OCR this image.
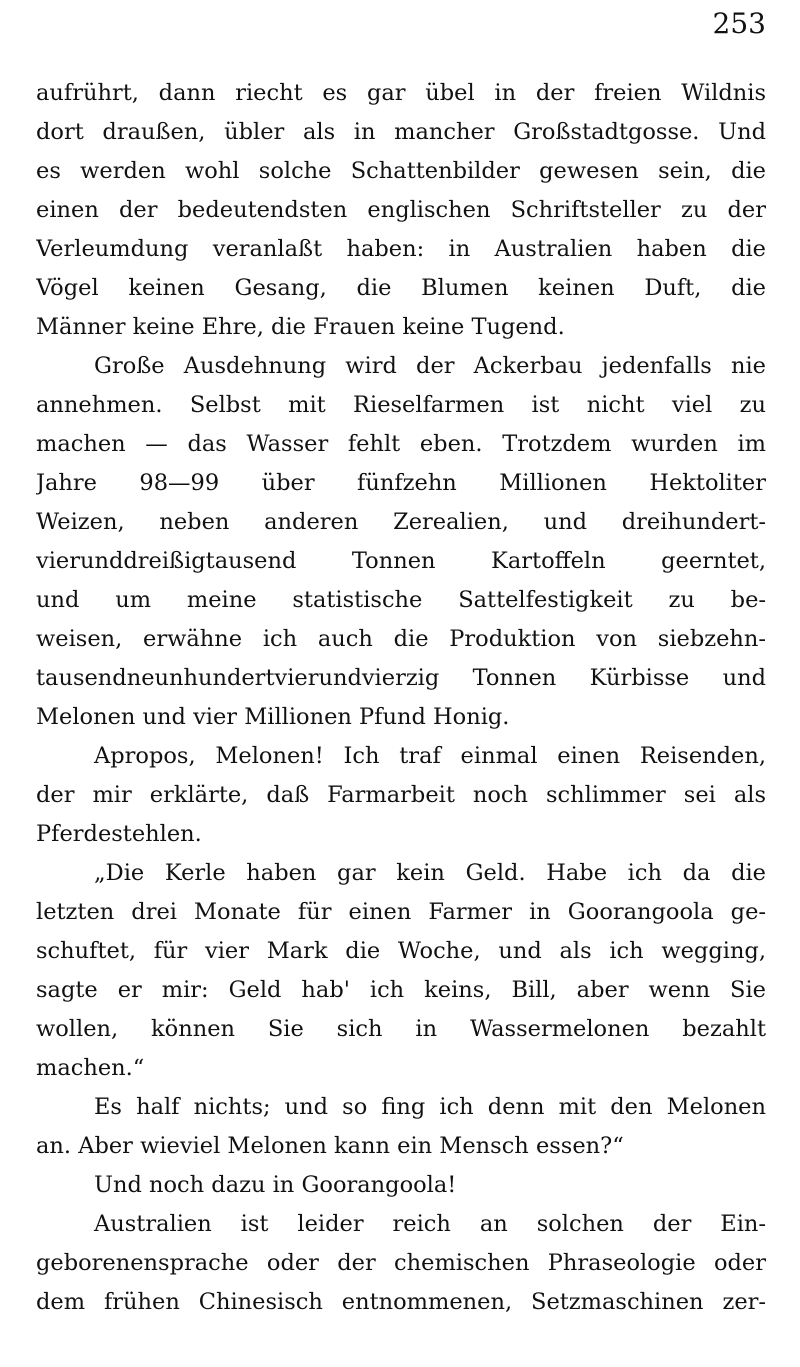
253
aufrührt, dann riecht es gar übel in der freien Wildnis
dort draußen, übler als in mancher Großstadtgosse. Und
es werden wohl solche Schattenbilder gewesen sein, die
einen der bedeutendsten englischen Schriftsteller zu der
Verleumdung veranlaßt haben: in Australien haben die
Vögel keinen Gesang, die Blumen keinen Duft, die
Männer keine Ehre, die Frauen keine Tugend.
Große Ausdehnung wird der Ackerbau jedenfalls nie
annehmen. Selbst mit Rieselfarmen ist nicht viel zu
machen — das Wasser fehlt eben. Trotzdem wurden im
Jahre 98—99 über fünfzehn Millionen Hektoliter
Weizen, neben anderen Zerealien, und dreihundert-
vierunddreißigtausend Tonnen Kartoffeln geerntet,
und um meine statistische Sattelfestigkeit zu be-
weisen, erwähne ich auch die Produktion von siebzehn-
tausendneunhundertvierundvierzig Tonnen Kürbisse und
Melonen und vier Millionen Pfund Honig.
Apropos, Melonen! Ich traf einmal einen Reisenden,
der mir erklärte, daß Farmarbeit noch schlimmer sei als
Pferdestehlen.
„Die Kerle haben gar kein Geld. Habe ich da die
letzten drei Monate für einen Farmer in Goorangoola ge-
schuftet, für vier Mark die Woche, und als ich wegging,
sagte er mir: Geld hab' ich keins, Bill, aber wenn Sie
wollen, können Sie sich in Wassermelonen bezahlt
machen.“
Es half nichts; und so fing ich denn mit den Melonen
an. Aber wieviel Melonen kann ein Mensch essen?“
Und noch dazu in Goorangoola!
Australien ist leider reich an solchen der Ein-
geborenensprache oder der chemischen Phraseologie oder
dem frühen Chinesisch entnommenen, Setzmaschinen zer-
